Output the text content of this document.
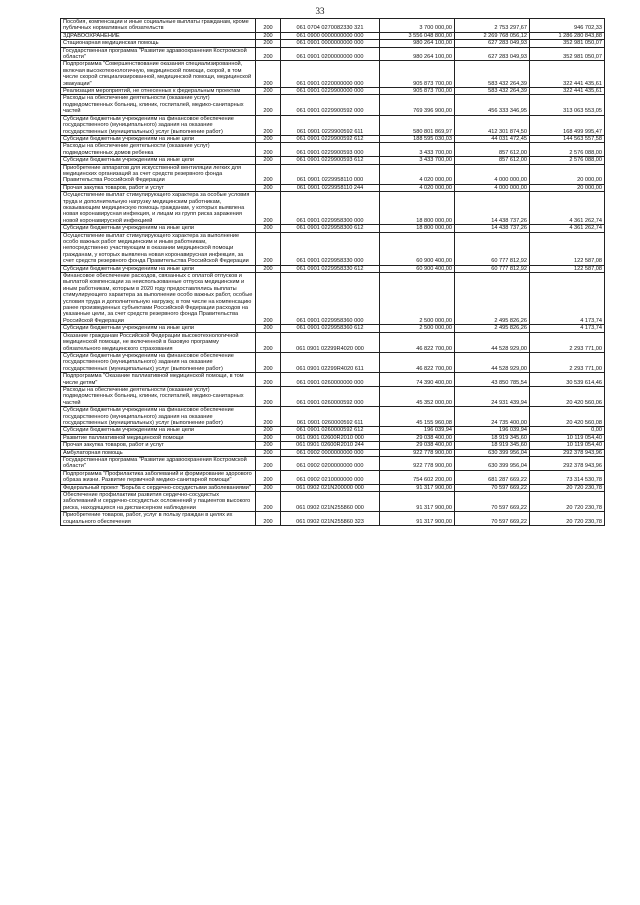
33
Пособия, компенсации и иные социальные выплаты гражданам, кроме публичных нормативных обязательств	200	061 0704 0270082330 321	3 700 000,00	2 753 297,67	946 702,33
ЗДРАВООХРАНЕНИЕ	200	061 0900 0000000000 000	3 556 048 800,00	2 269 768 056,12	1 286 280 843,88
Стационарная медицинская помощь	200	061 0901 0000000000 000	980 264 100,00	627 283 049,93	352 981 050,07
Государственная программа "Развитие здравоохранения Костромской области"	200	061 0901 0200000000 000	980 264 100,00	627 283 049,93	352 981 050,07
Подпрограмма "Совершенствование оказания специализированной, включая высокотехнологичную, медицинской помощи, скорой, в том числе скорой специализированной, медицинской помощи, медицинской эвакуации"	200	061 0901 0220000000 000	905 873 700,00	583 432 264,39	322 441 435,61
Реализация мероприятий, не отнесенных к федеральным проектам	200	061 0901 0229900000 000	905 873 700,00	583 432 264,39	322 441 435,61
Расходы на обеспечение деятельности (оказание услуг) подведомственных больниц, клиник, госпиталей, медико-санитарных частей	200	061 0901 0229900592 000	769 396 900,00	456 333 346,95	313 063 553,05
Субсидии бюджетным учреждениям на финансовое обеспечение государственного (муниципального) задания на оказание государственных (муниципальных) услуг (выполнение работ)	200	061 0901 0229900592 611	580 801 869,97	412 301 874,50	168 499 995,47
Субсидии бюджетным учреждениям на иные цели	200	061 0901 0229900592 612	188 595 030,03	44 031 472,45	144 563 557,58
Расходы на обеспечение деятельности (оказание услуг) подведомственных домов ребенка	200	061 0901 0229900593 000	3 433 700,00	857 612,00	2 576 088,00
Субсидии бюджетным учреждениям на иные цели	200	061 0901 0229900593 612	3 433 700,00	857 612,00	2 576 088,00
Приобретение аппаратов для искусственной вентиляции легких для медицинских организаций за счет средств резервного фонда Правительства Российской Федерации	200	061 0901 0229958110 000	4 020 000,00	4 000 000,00	20 000,00
Прочая закупка товаров, работ и услуг	200	061 0901 0229958110 244	4 020 000,00	4 000 000,00	20 000,00
Осуществление выплат стимулирующего характера за особые условия труда и дополнительную нагрузку медицинским работникам, оказывающим медицинскую помощь гражданам, у которых выявлена новая коронавирусная инфекция, и лицам из групп риска заражения новой коронавирусной инфекцией	200	061 0901 0229958300 000	18 800 000,00	14 438 737,26	4 361 262,74
Субсидии бюджетным учреждениям на иные цели	200	061 0901 0229958300 612	18 800 000,00	14 438 737,26	4 361 262,74
Осуществление выплат стимулирующего характера за выполнение особо важных работ медицинским и иным работникам, непосредственно участвующим в оказании медицинской помощи гражданам, у которых выявлена новая коронавирусная инфекция, за счет средств резервного фонда Правительства Российской Федерации	200	061 0901 0229958330 000	60 900 400,00	60 777 812,92	122 587,08
Субсидии бюджетным учреждениям на иные цели	200	061 0901 0229958330 612	60 900 400,00	60 777 812,92	122 587,08
Финансовое обеспечение расходов, связанных с оплатой отпусков и выплатой компенсации за неиспользованные отпуска медицинским и иным работникам, которым в 2020 году предоставлялись выплаты стимулирующего характера за выполнение особо важных работ, особые условия труда и дополнительную нагрузку, в том числе на компенсацию ранее произведенных субъектами Российской Федерации расходов на указанные цели, за счет средств резервного фонда Правительства Российской Федерации	200	061 0901 0229958360 000	2 500 000,00	2 495 826,26	4 173,74
Субсидии бюджетным учреждениям на иные цели	200	061 0901 0229958360 612	2 500 000,00	2 495 826,26	4 173,74
Оказание гражданам Российской Федерации высокотехнологичной медицинской помощи, не включенной в базовую программу обязательного медицинского страхования	200	061 0901 02299R4020 000	46 822 700,00	44 528 929,00	2 293 771,00
Субсидии бюджетным учреждениям на финансовое обеспечение государственного (муниципального) задания на оказание государственных (муниципальных) услуг (выполнение работ)	200	061 0901 02299R4020 611	46 822 700,00	44 528 929,00	2 293 771,00
Подпрограмма "Оказание паллиативной медицинской помощи, в том числе детям"	200	061 0901 0260000000 000	74 390 400,00	43 850 785,54	30 539 614,46
Расходы на обеспечение деятельности (оказание услуг) подведомственных больниц, клиник, госпиталей, медико-санитарных частей	200	061 0901 0260000592 000	45 352 000,00	24 931 439,94	20 420 560,06
Субсидии бюджетным учреждениям на финансовое обеспечение государственного (муниципального) задания на оказание государственных (муниципальных) услуг (выполнение работ)	200	061 0901 0260000592 611	45 155 960,08	24 735 400,00	20 420 560,08
Субсидии бюджетным учреждениям на иные цели	200	061 0901 0260000592 612	196 039,94	196 039,94	0,00
Развитие паллиативной медицинской помощи	200	061 0901 02600R2010 000	29 038 400,00	18 919 345,60	10 119 054,40
Прочая закупка товаров, работ и услуг	200	061 0901 02600R2010 244	29 038 400,00	18 919 345,60	10 119 054,40
Амбулаторная помощь	200	061 0902 0000000000 000	922 778 900,00	630 399 956,04	292 378 943,96
Государственная программа "Развитие здравоохранения Костромской области"	200	061 0902 0200000000 000	922 778 900,00	630 399 956,04	292 378 943,96
Подпрограмма "Профилактика заболеваний и формирование здорового образа жизни. Развитие первичной медико-санитарной помощи"	200	061 0902 0210000000 000	754 602 200,00	681 287 669,22	73 314 530,78
Федеральный проект "Борьба с сердечно-сосудистыми заболеваниями"	200	061 0902 021N200000 000	91 317 900,00	70 597 669,22	20 720 230,78
Обеспечение профилактики развития сердечно-сосудистых заболеваний и сердечно-сосудистых осложнений у пациентов высокого риска, находящихся на диспансерном наблюдении	200	061 0902 021N255860 000	91 317 900,00	70 597 669,22	20 720 230,78
Приобретение товаров, работ, услуг в пользу граждан в целях их социального обеспечения	200	061 0902 021N255860 323	91 317 900,00	70 597 669,22	20 720 230,78
